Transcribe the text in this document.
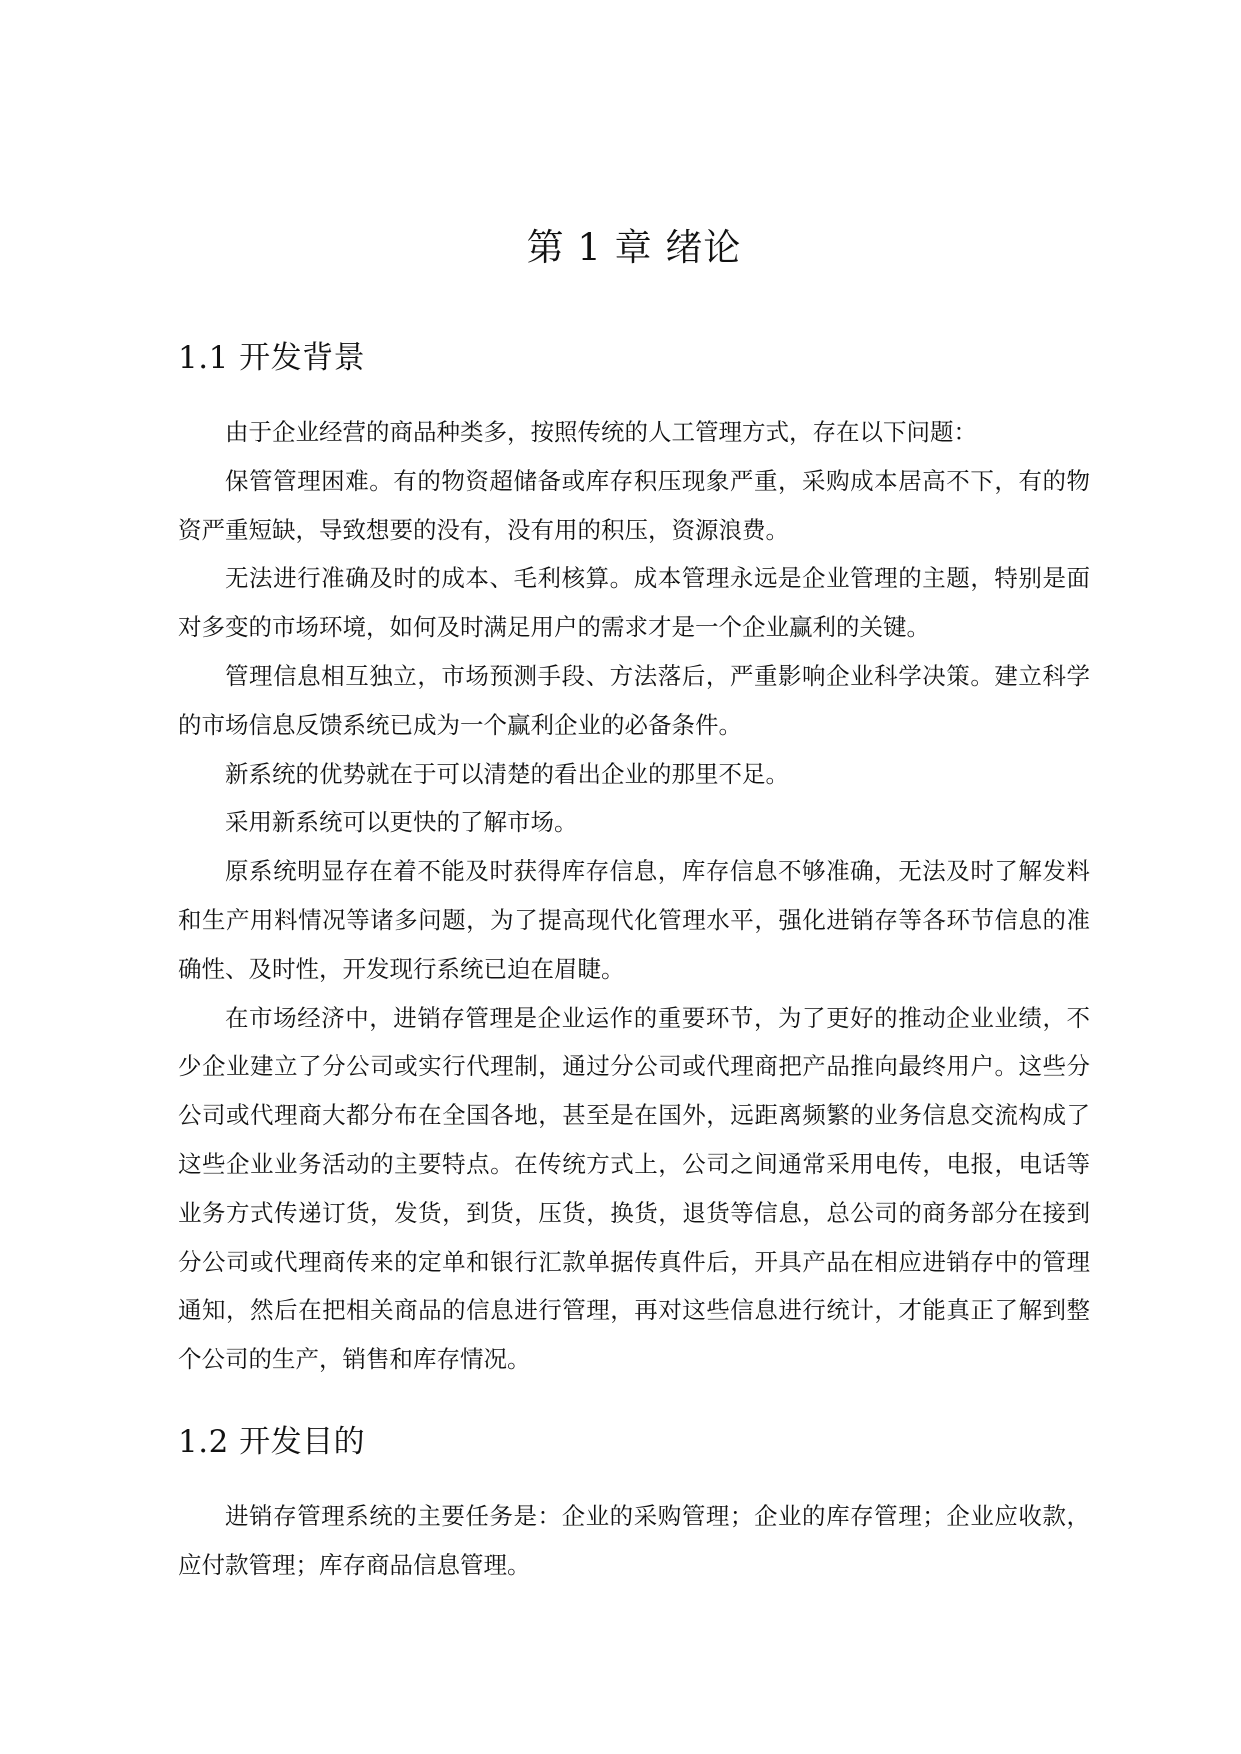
第 1 章 绪论
1.1 开发背景

由于企业经营的商品种类多，按照传统的人工管理方式，存在以下问题：

保管管理困难。有的物资超储备或库存积压现象严重，采购成本居高不下，有的物资严重短缺，导致想要的没有，没有用的积压，资源浪费。

无法进行准确及时的成本、毛利核算。成本管理永远是企业管理的主题，特别是面对多变的市场环境，如何及时满足用户的需求才是一个企业赢利的关键。

管理信息相互独立，市场预测手段、方法落后，严重影响企业科学决策。建立科学的市场信息反馈系统已成为一个赢利企业的必备条件。

新系统的优势就在于可以清楚的看出企业的那里不足。

采用新系统可以更快的了解市场。

原系统明显存在着不能及时获得库存信息，库存信息不够准确，无法及时了解发料和生产用料情况等诸多问题，为了提高现代化管理水平，强化进销存等各环节信息的准确性、及时性，开发现行系统已迫在眉睫。

在市场经济中，进销存管理是企业运作的重要环节，为了更好的推动企业业绩，不少企业建立了分公司或实行代理制，通过分公司或代理商把产品推向最终用户。这些分公司或代理商大都分布在全国各地，甚至是在国外，远距离频繁的业务信息交流构成了这些企业业务活动的主要特点。在传统方式上，公司之间通常采用电传，电报，电话等业务方式传递订货，发货，到货，压货，换货，退货等信息，总公司的商务部分在接到分公司或代理商传来的定单和银行汇款单据传真件后，开具产品在相应进销存中的管理通知，然后在把相关商品的信息进行管理，再对这些信息进行统计，才能真正了解到整个公司的生产，销售和库存情况。

1.2 开发目的

进销存管理系统的主要任务是：企业的采购管理；企业的库存管理；企业应收款，应付款管理；库存商品信息管理。
